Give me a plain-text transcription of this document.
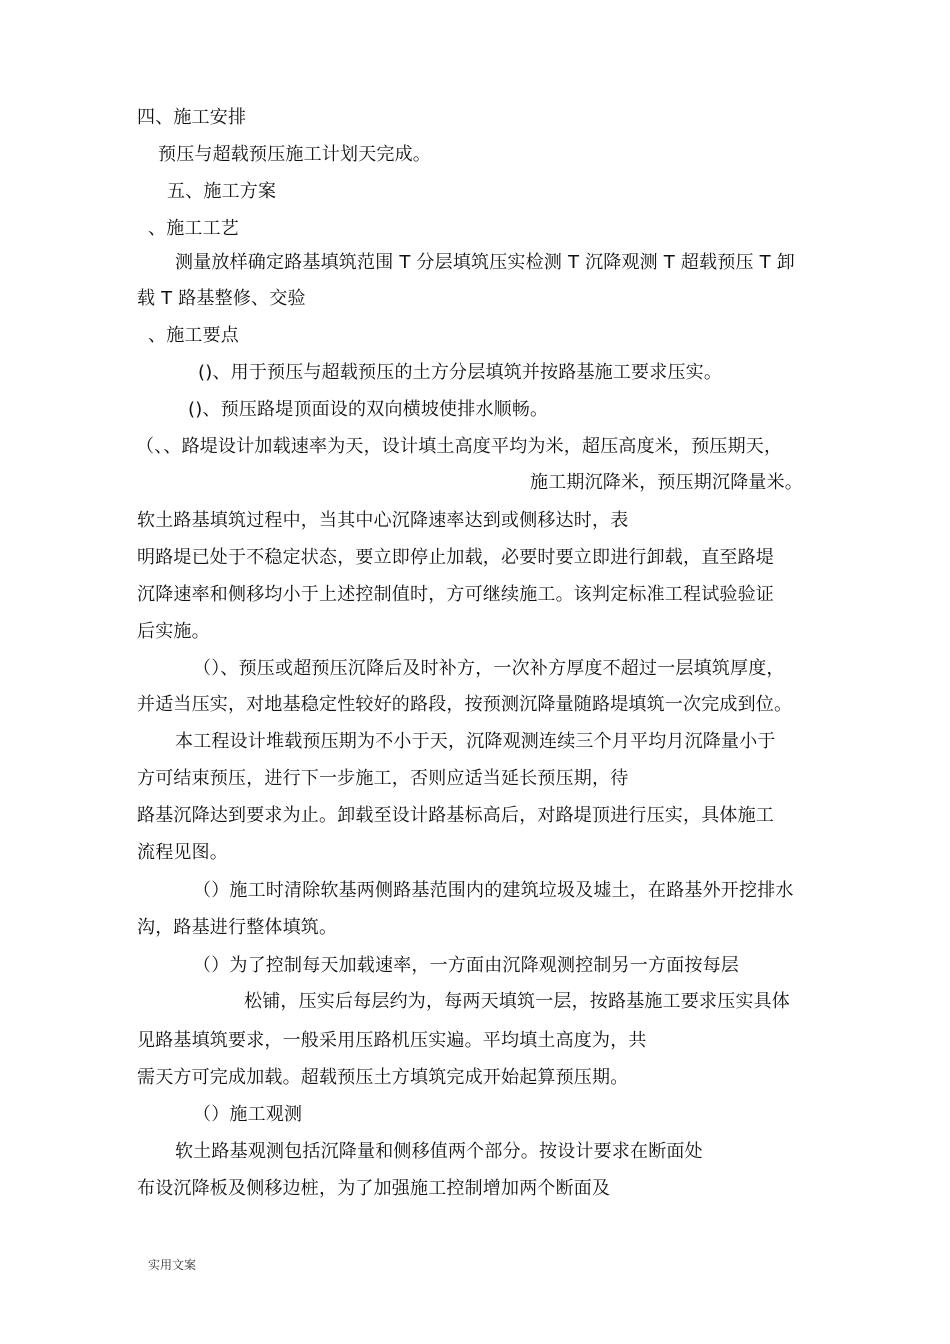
四、施工安排
预压与超载预压施工计划天完成。
五、施工方案
、施工工艺
测量放样确定路基填筑范围 T 分层填筑压实检测 T 沉降观测 T 超载预压 T 卸
载 T 路基整修、交验
、施工要点
()、用于预压与超载预压的土方分层填筑并按路基施工要求压实。
()、预压路堤顶面设的双向横坡使排水顺畅。
（、、路堤设计加载速率为天，设计填土高度平均为米，超压高度米，预压期天，
施工期沉降米，预压期沉降量米。
软土路基填筑过程中，当其中心沉降速率达到或侧移达时，表
明路堤已处于不稳定状态，要立即停止加载，必要时要立即进行卸载，直至路堤
沉降速率和侧移均小于上述控制值时，方可继续施工。该判定标准工程试验验证
后实施。
（）、预压或超预压沉降后及时补方，一次补方厚度不超过一层填筑厚度，
并适当压实，对地基稳定性较好的路段，按预测沉降量随路堤填筑一次完成到位。
本工程设计堆载预压期为不小于天，沉降观测连续三个月平均月沉降量小于
方可结束预压，进行下一步施工，否则应适当延长预压期，待
路基沉降达到要求为止。卸载至设计路基标高后，对路堤顶进行压实，具体施工
流程见图。
（）施工时清除软基两侧路基范围内的建筑垃圾及墟土，在路基外开挖排水
沟，路基进行整体填筑。
（）为了控制每天加载速率，一方面由沉降观测控制另一方面按每层
松铺，压实后每层约为，每两天填筑一层，按路基施工要求压实具体
见路基填筑要求，一般采用压路机压实遍。平均填土高度为，共
需天方可完成加载。超载预压土方填筑完成开始起算预压期。
（）施工观测
软土路基观测包括沉降量和侧移值两个部分。按设计要求在断面处
布设沉降板及侧移边桩，为了加强施工控制增加两个断面及
实用文案
